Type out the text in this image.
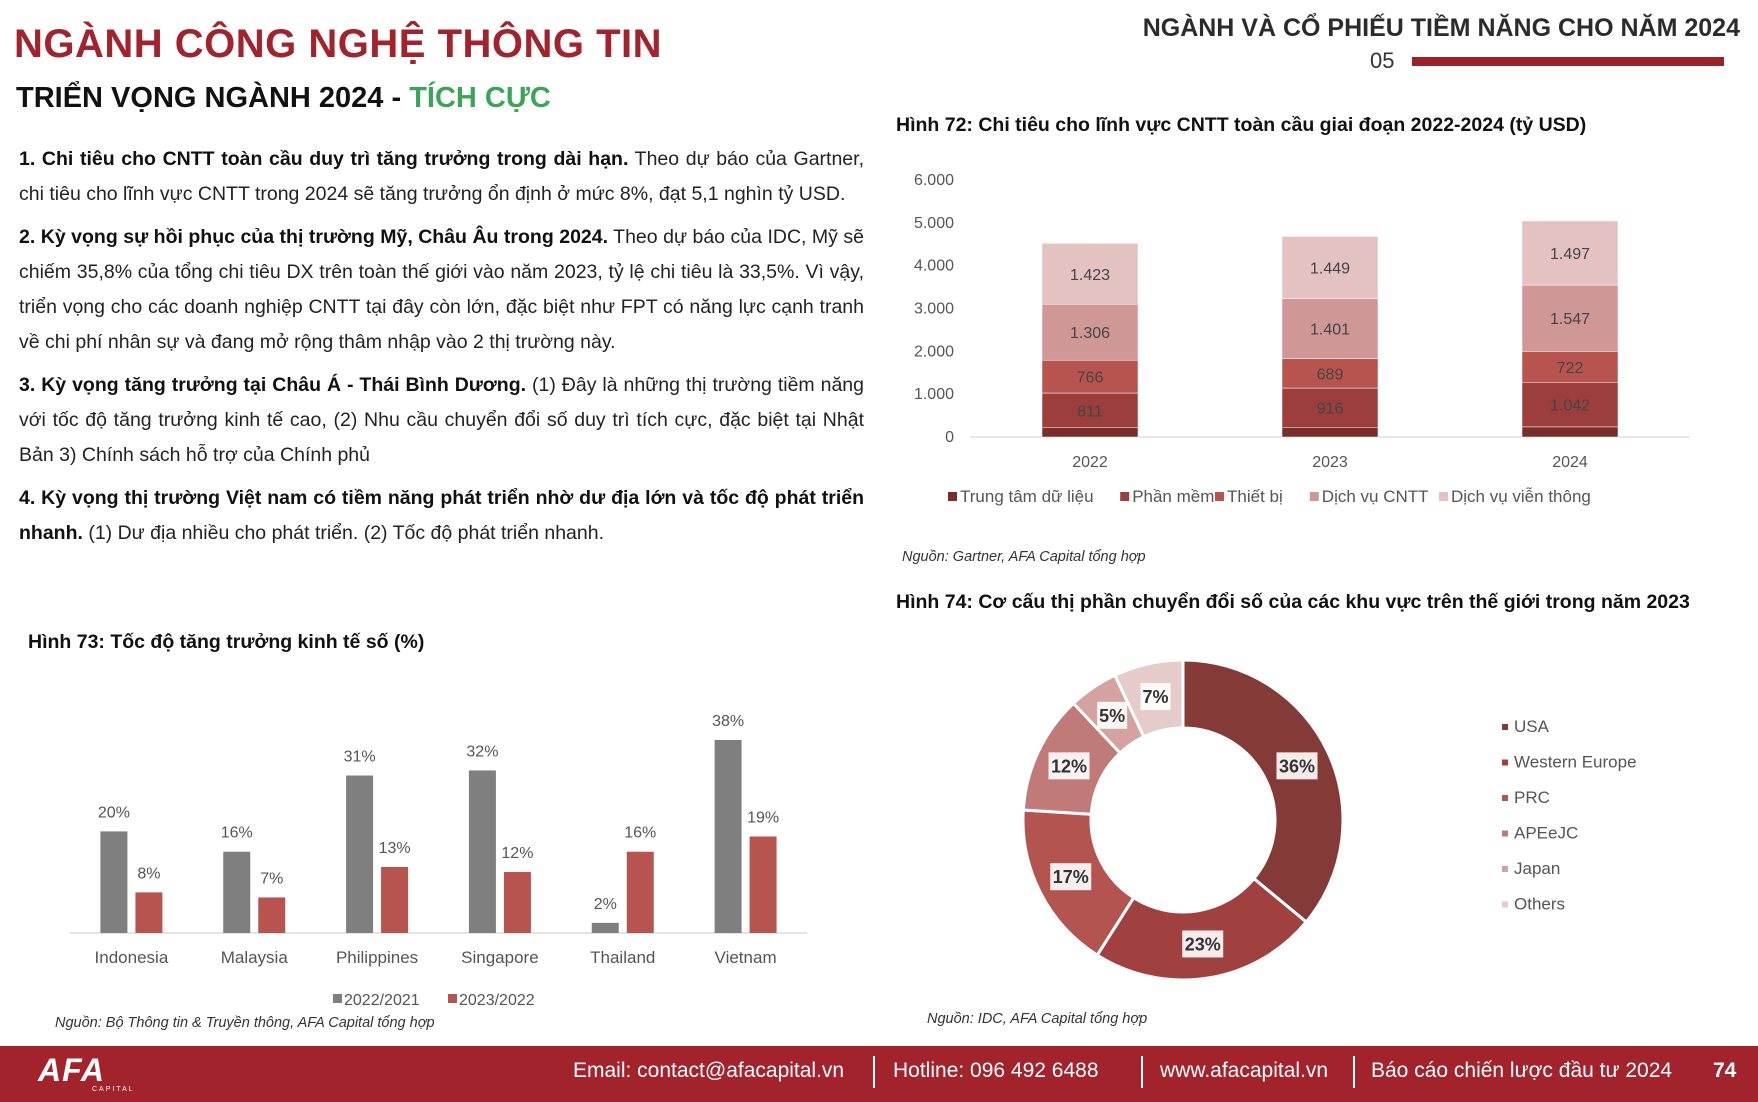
NGÀNH CÔNG NGHỆ THÔNG TIN
TRIỂN VỌNG NGÀNH 2024 - TÍCH CỰC
NGÀNH VÀ CỔ PHIẾU TIỀM NĂNG CHO NĂM 2024
05

1. Chi tiêu cho CNTT toàn cầu duy trì tăng trưởng trong dài hạn. Theo dự báo của Gartner, chi tiêu cho lĩnh vực CNTT trong 2024 sẽ tăng trưởng ổn định ở mức 8%, đạt 5,1 nghìn tỷ USD.

2. Kỳ vọng sự hồi phục của thị trường Mỹ, Châu Âu trong 2024. Theo dự báo của IDC, Mỹ sẽ chiếm 35,8% của tổng chi tiêu DX trên toàn thế giới vào năm 2023, tỷ lệ chi tiêu là 33,5%. Vì vậy, triển vọng cho các doanh nghiệp CNTT tại đây còn lớn, đặc biệt như FPT có năng lực cạnh tranh về chi phí nhân sự và đang mở rộng thâm nhập vào 2 thị trường này.

3. Kỳ vọng tăng trưởng tại Châu Á - Thái Bình Dương. (1) Đây là những thị trường tiềm năng với tốc độ tăng trưởng kinh tế cao, (2) Nhu cầu chuyển đổi số duy trì tích cực, đặc biệt tại Nhật Bản 3) Chính sách hỗ trợ của Chính phủ

4. Kỳ vọng thị trường Việt nam có tiềm năng phát triển nhờ dư địa lớn và tốc độ phát triển nhanh. (1) Dư địa nhiều cho phát triển. (2) Tốc độ phát triển nhanh.

Hình 73: Tốc độ tăng trưởng kinh tế số (%)
20%
8%
Indonesia
16%
7%
Malaysia
31%
13%
Philippines
32%
12%
Singapore
2%
16%
Thailand
38%
19%
Vietnam
2022/2021 2023/2022
Nguồn: Bộ Thông tin & Truyền thông, AFA Capital tổng hợp
Hình 72: Chi tiêu cho lĩnh vực CNTT toàn cầu giai đoạn 2022-2024 (tỷ USD)
0
1.000
2.000
3.000
4.000
5.000
6.000
811
766
1.306
1.423
2022
916
689
1.401
1.449
2023
1.042
722
1.547
1.497
2024
Trung tâm dữ liệu Phần mềm Thiết bị Dịch vụ CNTT Dịch vụ viễn thông
Nguồn: Gartner, AFA Capital tổng hợp
Hình 74: Cơ cấu thị phần chuyển đổi số của các khu vực trên thế giới trong năm 2023
36%
23%
17%
12%
5%
7%
USA
Western Europe
PRC
APEeJC
Japan
Others
Nguồn: IDC, AFA Capital tổng hợp
AFA
CAPITAL
Email: contact@afacapital.vn Hotline: 096 492 6488	www.afacapital.vn Báo cáo chiến lược đầu tư 2024 74
